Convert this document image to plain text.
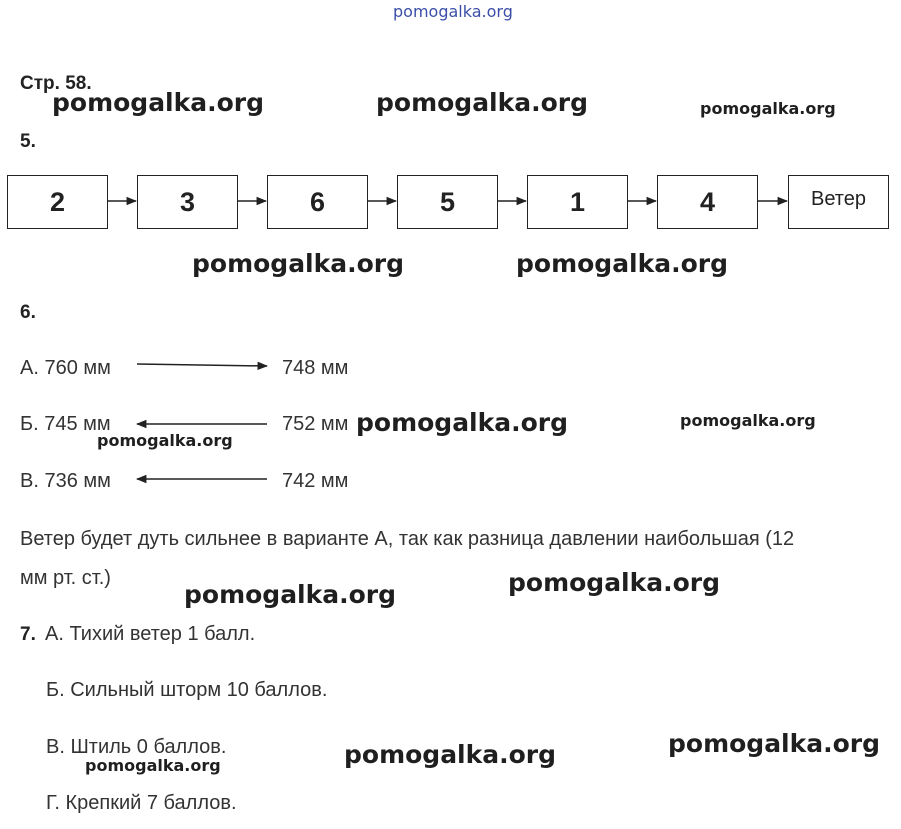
pomogalka.org
Стр. 58.
5.
2	3	6	5	1	4	Ветер
6.
А. 760 мм	748 мм
Б. 745 мм	752 мм
В. 736 мм	742 мм
Ветер будет дуть сильнее в варианте А, так как разница давлении наибольшая (12
мм рт. ст.)
7. А. Тихий ветер 1 балл.
Б. Сильный шторм 10 баллов.
В. Штиль 0 баллов.
Г. Крепкий 7 баллов.
pomogalka.org	pomogalka.org	pomogalka.org
pomogalka.org	pomogalka.org
pomogalka.org	pomogalka.org
pomogalka.org
pomogalka.org
pomogalka.org
pomogalka.org
pomogalka.org
pomogalka.org
